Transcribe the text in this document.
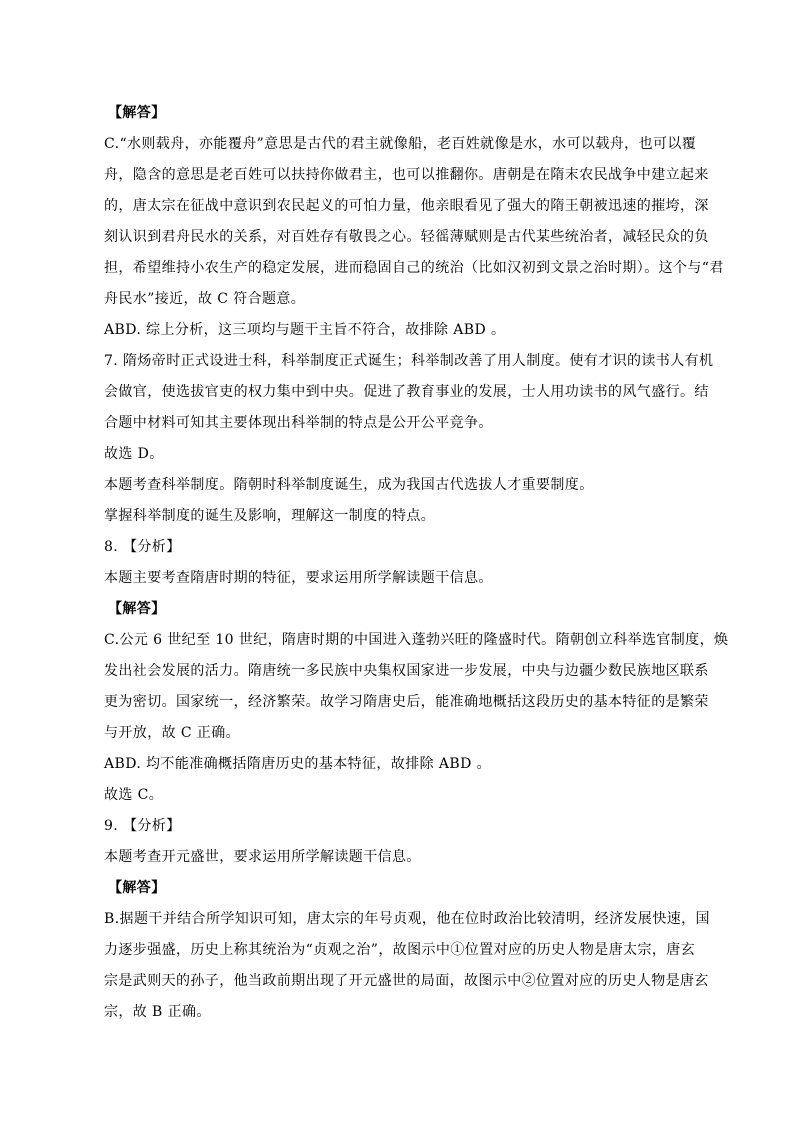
【解答】
C.“水则载舟，亦能覆舟”意思是古代的君主就像船，老百姓就像是水，水可以载舟，也可以覆
舟，隐含的意思是老百姓可以扶持你做君主，也可以推翻你。唐朝是在隋末农民战争中建立起来
的，唐太宗在征战中意识到农民起义的可怕力量，他亲眼看见了强大的隋王朝被迅速的摧垮，深
刻认识到君舟民水的关系，对百姓存有敬畏之心。轻徭薄赋则是古代某些统治者，减轻民众的负
担，希望维持小农生产的稳定发展，进而稳固自己的统治（比如汉初到文景之治时期）。这个与“君
舟民水”接近，故 C 符合题意。
ABD. 综上分析，这三项均与题干主旨不符合，故排除 ABD 。
7. 隋炀帝时正式设进士科，科举制度正式诞生；科举制改善了用人制度。使有才识的读书人有机
会做官，使选拔官吏的权力集中到中央。促进了教育事业的发展，士人用功读书的风气盛行。结
合题中材料可知其主要体现出科举制的特点是公开公平竞争。
故选 D。
本题考查科举制度。隋朝时科举制度诞生，成为我国古代选拔人才重要制度。
掌握科举制度的诞生及影响，理解这一制度的特点。
8. 【分析】
本题主要考查隋唐时期的特征，要求运用所学解读题干信息。
【解答】
C.公元 6 世纪至 10 世纪，隋唐时期的中国进入蓬勃兴旺的隆盛时代。隋朝创立科举选官制度，焕
发出社会发展的活力。隋唐统一多民族中央集权国家进一步发展，中央与边疆少数民族地区联系
更为密切。国家统一，经济繁荣。故学习隋唐史后，能准确地概括这段历史的基本特征的是繁荣
与开放，故 C 正确。
ABD. 均不能准确概括隋唐历史的基本特征，故排除 ABD 。
故选 C。
9. 【分析】
本题考查开元盛世，要求运用所学解读题干信息。
【解答】
B.据题干并结合所学知识可知，唐太宗的年号贞观，他在位时政治比较清明，经济发展快速，国
力逐步强盛，历史上称其统治为“贞观之治”，故图示中①位置对应的历史人物是唐太宗，唐玄
宗是武则天的孙子，他当政前期出现了开元盛世的局面，故图示中②位置对应的历史人物是唐玄
宗，故 B 正确。
